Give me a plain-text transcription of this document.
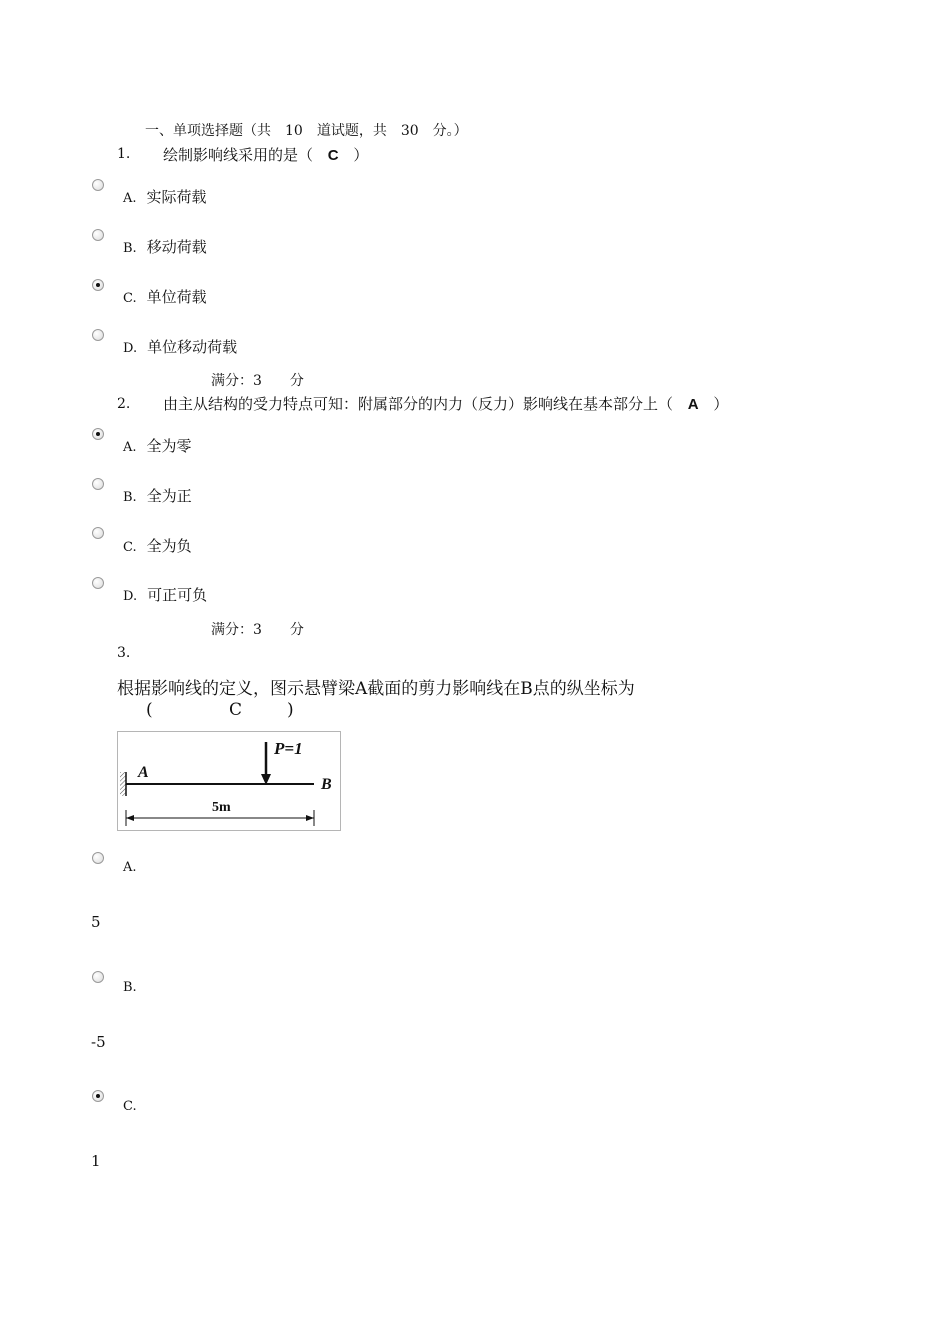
一、单项选择题（共　10　道试题，共　30　分。）
1. 绘制影响线采用的是（ C ）
A. 实际荷载
B. 移动荷载
C. 单位荷载
D. 单位移动荷载
满分：3　　分
2. 由主从结构的受力特点可知：附属部分的内力（反力）影响线在基本部分上（ A ）
A. 全为零
B. 全为正
C. 全为负
D. 可正可负
满分：3　　分
3.
根据影响线的定义，图示悬臂梁A截面的剪力影响线在B点的纵坐标为
(	C	)
P=1
A
B
5m
A.
5
B.
-5
C.
1
